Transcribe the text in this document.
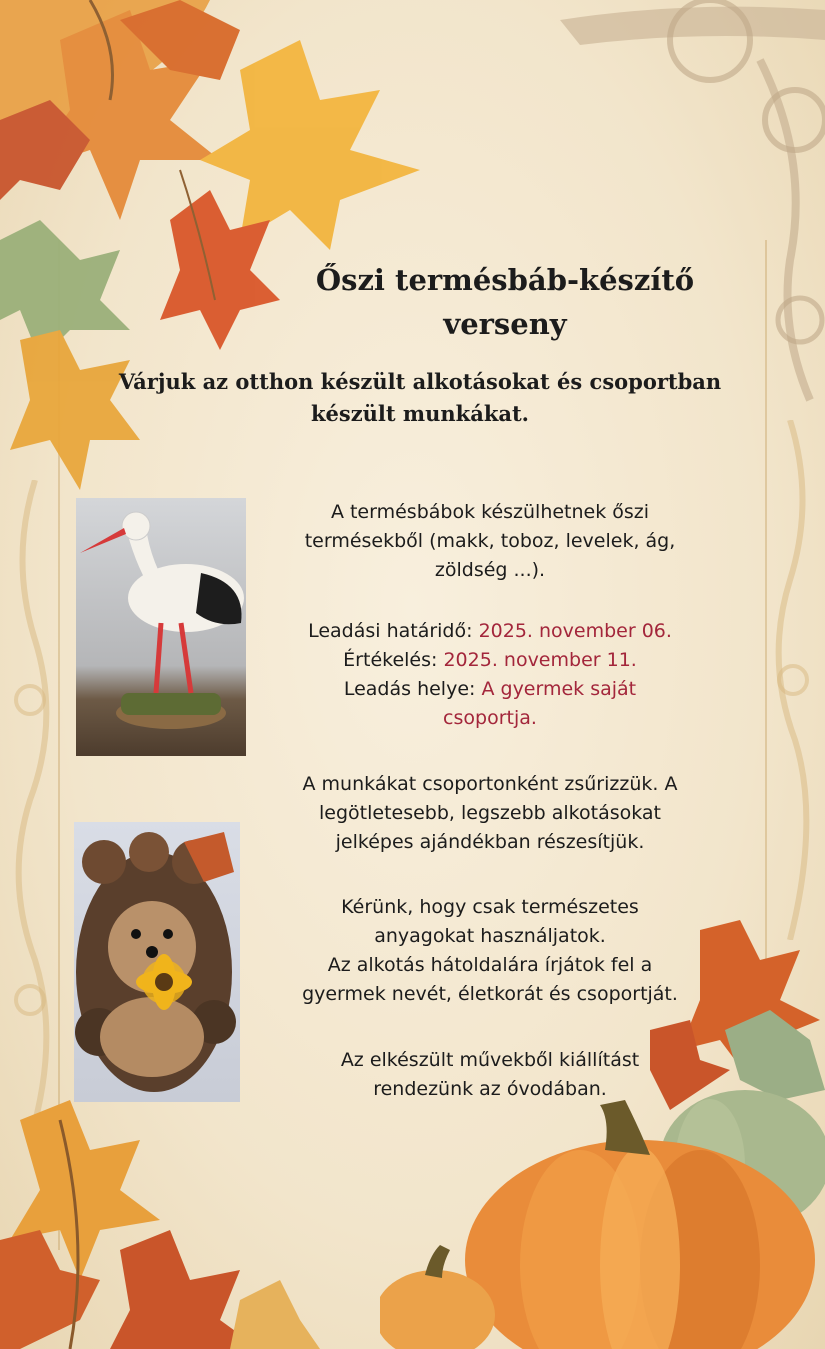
Őszi termésbáb-készítő
verseny
Várjuk az otthon készült alkotásokat és csoportban
készült munkákat.
A termésbábok készülhetnek őszi
termésekből (makk, toboz, levelek, ág,
zöldség ...).
Leadási határidő: 2025. november 06.
Értékelés: 2025. november 11.
Leadás helye: A gyermek saját
csoportja.
A munkákat csoportonként zsűrizzük. A
legötletesebb, legszebb alkotásokat
jelképes ajándékban részesítjük.
Kérünk, hogy csak természetes
anyagokat használjatok.
Az alkotás hátoldalára írjátok fel a
gyermek nevét, életkorát és csoportját.
Az elkészült művekből kiállítást
rendezünk az óvodában.
